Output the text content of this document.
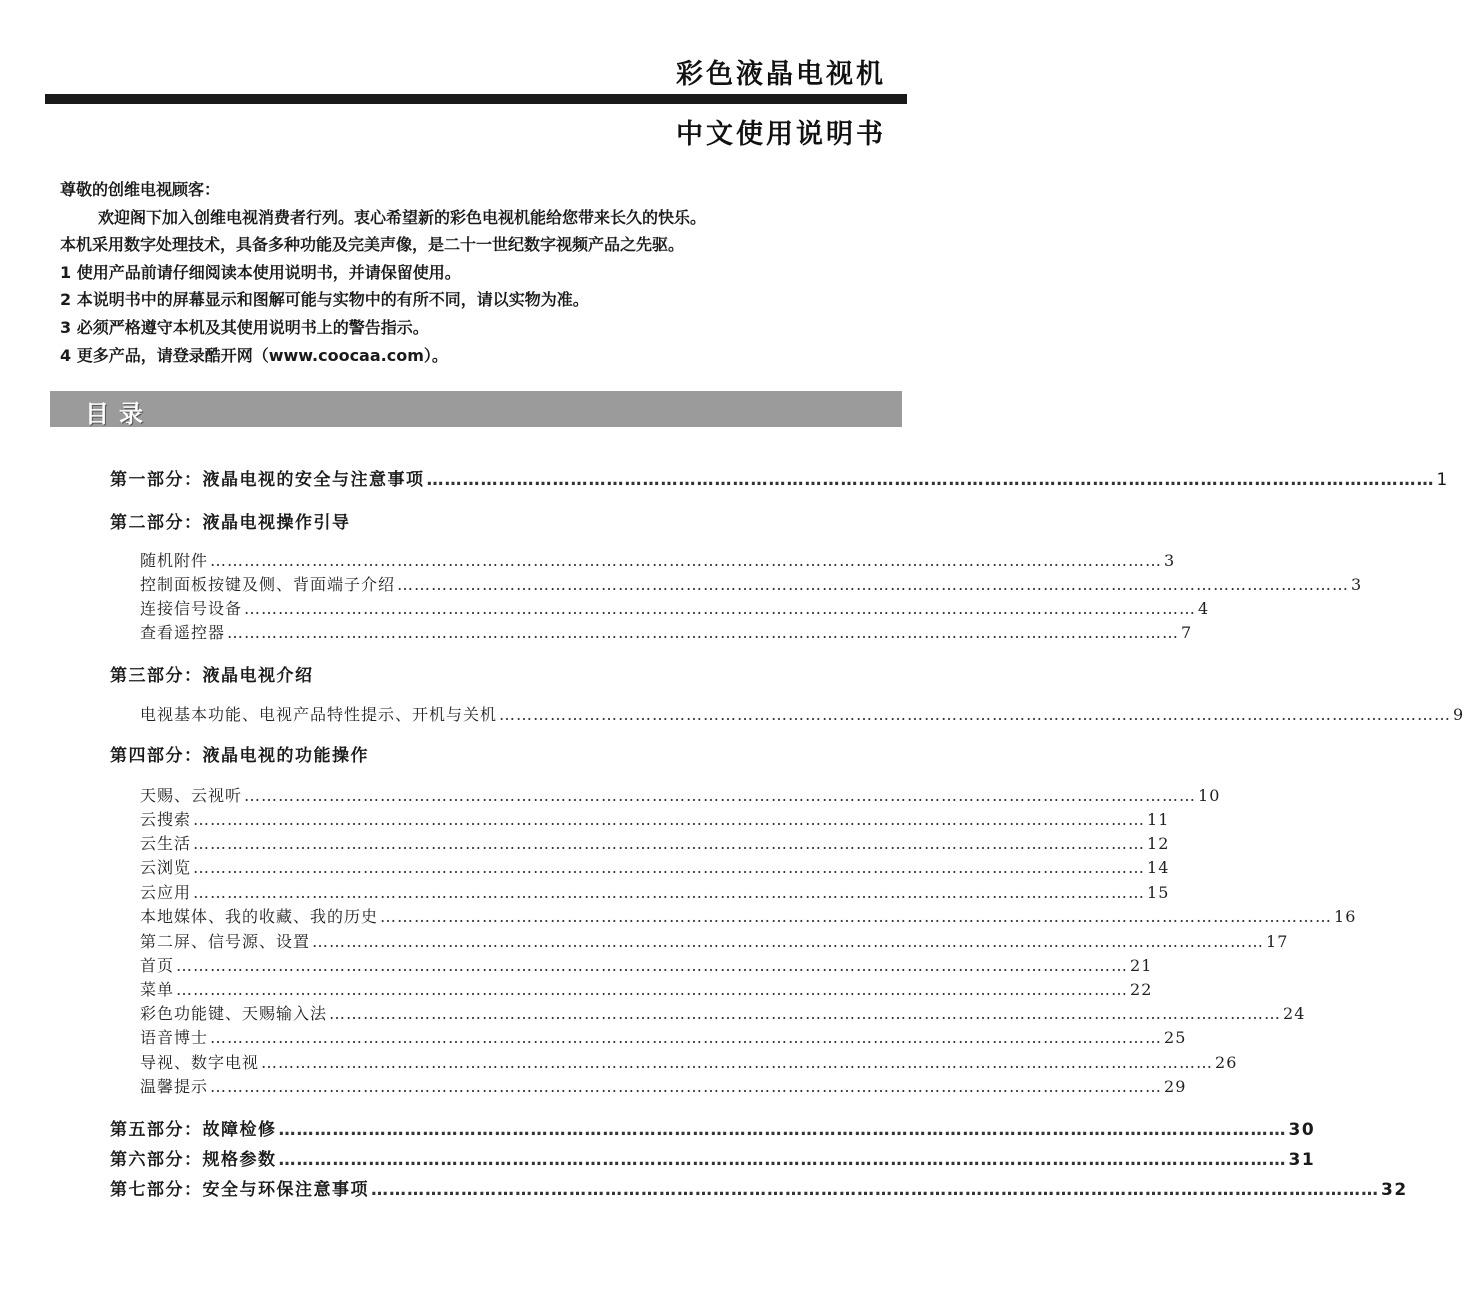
彩色液晶电视机
中文使用说明书
尊敬的创维电视顾客：
欢迎阁下加入创维电视消费者行列。衷心希望新的彩色电视机能给您带来长久的快乐。
本机采用数字处理技术，具备多种功能及完美声像，是二十一世纪数字视频产品之先驱。
1 使用产品前请仔细阅读本使用说明书，并请保留使用。
2 本说明书中的屏幕显示和图解可能与实物中的有所不同，请以实物为准。
3 必须严格遵守本机及其使用说明书上的警告指示。
4 更多产品，请登录酷开网（www.coocaa.com）。
目录
第一部分：液晶电视的安全与注意事项 …………………………………………………………………………………………………………………………………………………… 1
第二部分：液晶电视操作引导
随机附件 …………………………………………………………………………………………………………………………………………………… 3
控制面板按键及侧、背面端子介绍 …………………………………………………………………………………………………………………………………………………… 3
连接信号设备 …………………………………………………………………………………………………………………………………………………… 4
查看遥控器 …………………………………………………………………………………………………………………………………………………… 7
第三部分：液晶电视介绍
电视基本功能、电视产品特性提示、开机与关机 …………………………………………………………………………………………………………………………………………………… 9
第四部分：液晶电视的功能操作
天赐、云视听 …………………………………………………………………………………………………………………………………………………… 10
云搜索 …………………………………………………………………………………………………………………………………………………… 11
云生活 …………………………………………………………………………………………………………………………………………………… 12
云浏览 …………………………………………………………………………………………………………………………………………………… 14
云应用 …………………………………………………………………………………………………………………………………………………… 15
本地媒体、我的收藏、我的历史 …………………………………………………………………………………………………………………………………………………… 16
第二屏、信号源、设置 …………………………………………………………………………………………………………………………………………………… 17
首页 …………………………………………………………………………………………………………………………………………………… 21
菜单 …………………………………………………………………………………………………………………………………………………… 22
彩色功能键、天赐输入法 …………………………………………………………………………………………………………………………………………………… 24
语音博士 …………………………………………………………………………………………………………………………………………………… 25
导视、数字电视 …………………………………………………………………………………………………………………………………………………… 26
温馨提示 …………………………………………………………………………………………………………………………………………………… 29
第五部分：故障检修 …………………………………………………………………………………………………………………………………………………… 30
第六部分：规格参数 …………………………………………………………………………………………………………………………………………………… 31
第七部分：安全与环保注意事项 …………………………………………………………………………………………………………………………………………………… 32
